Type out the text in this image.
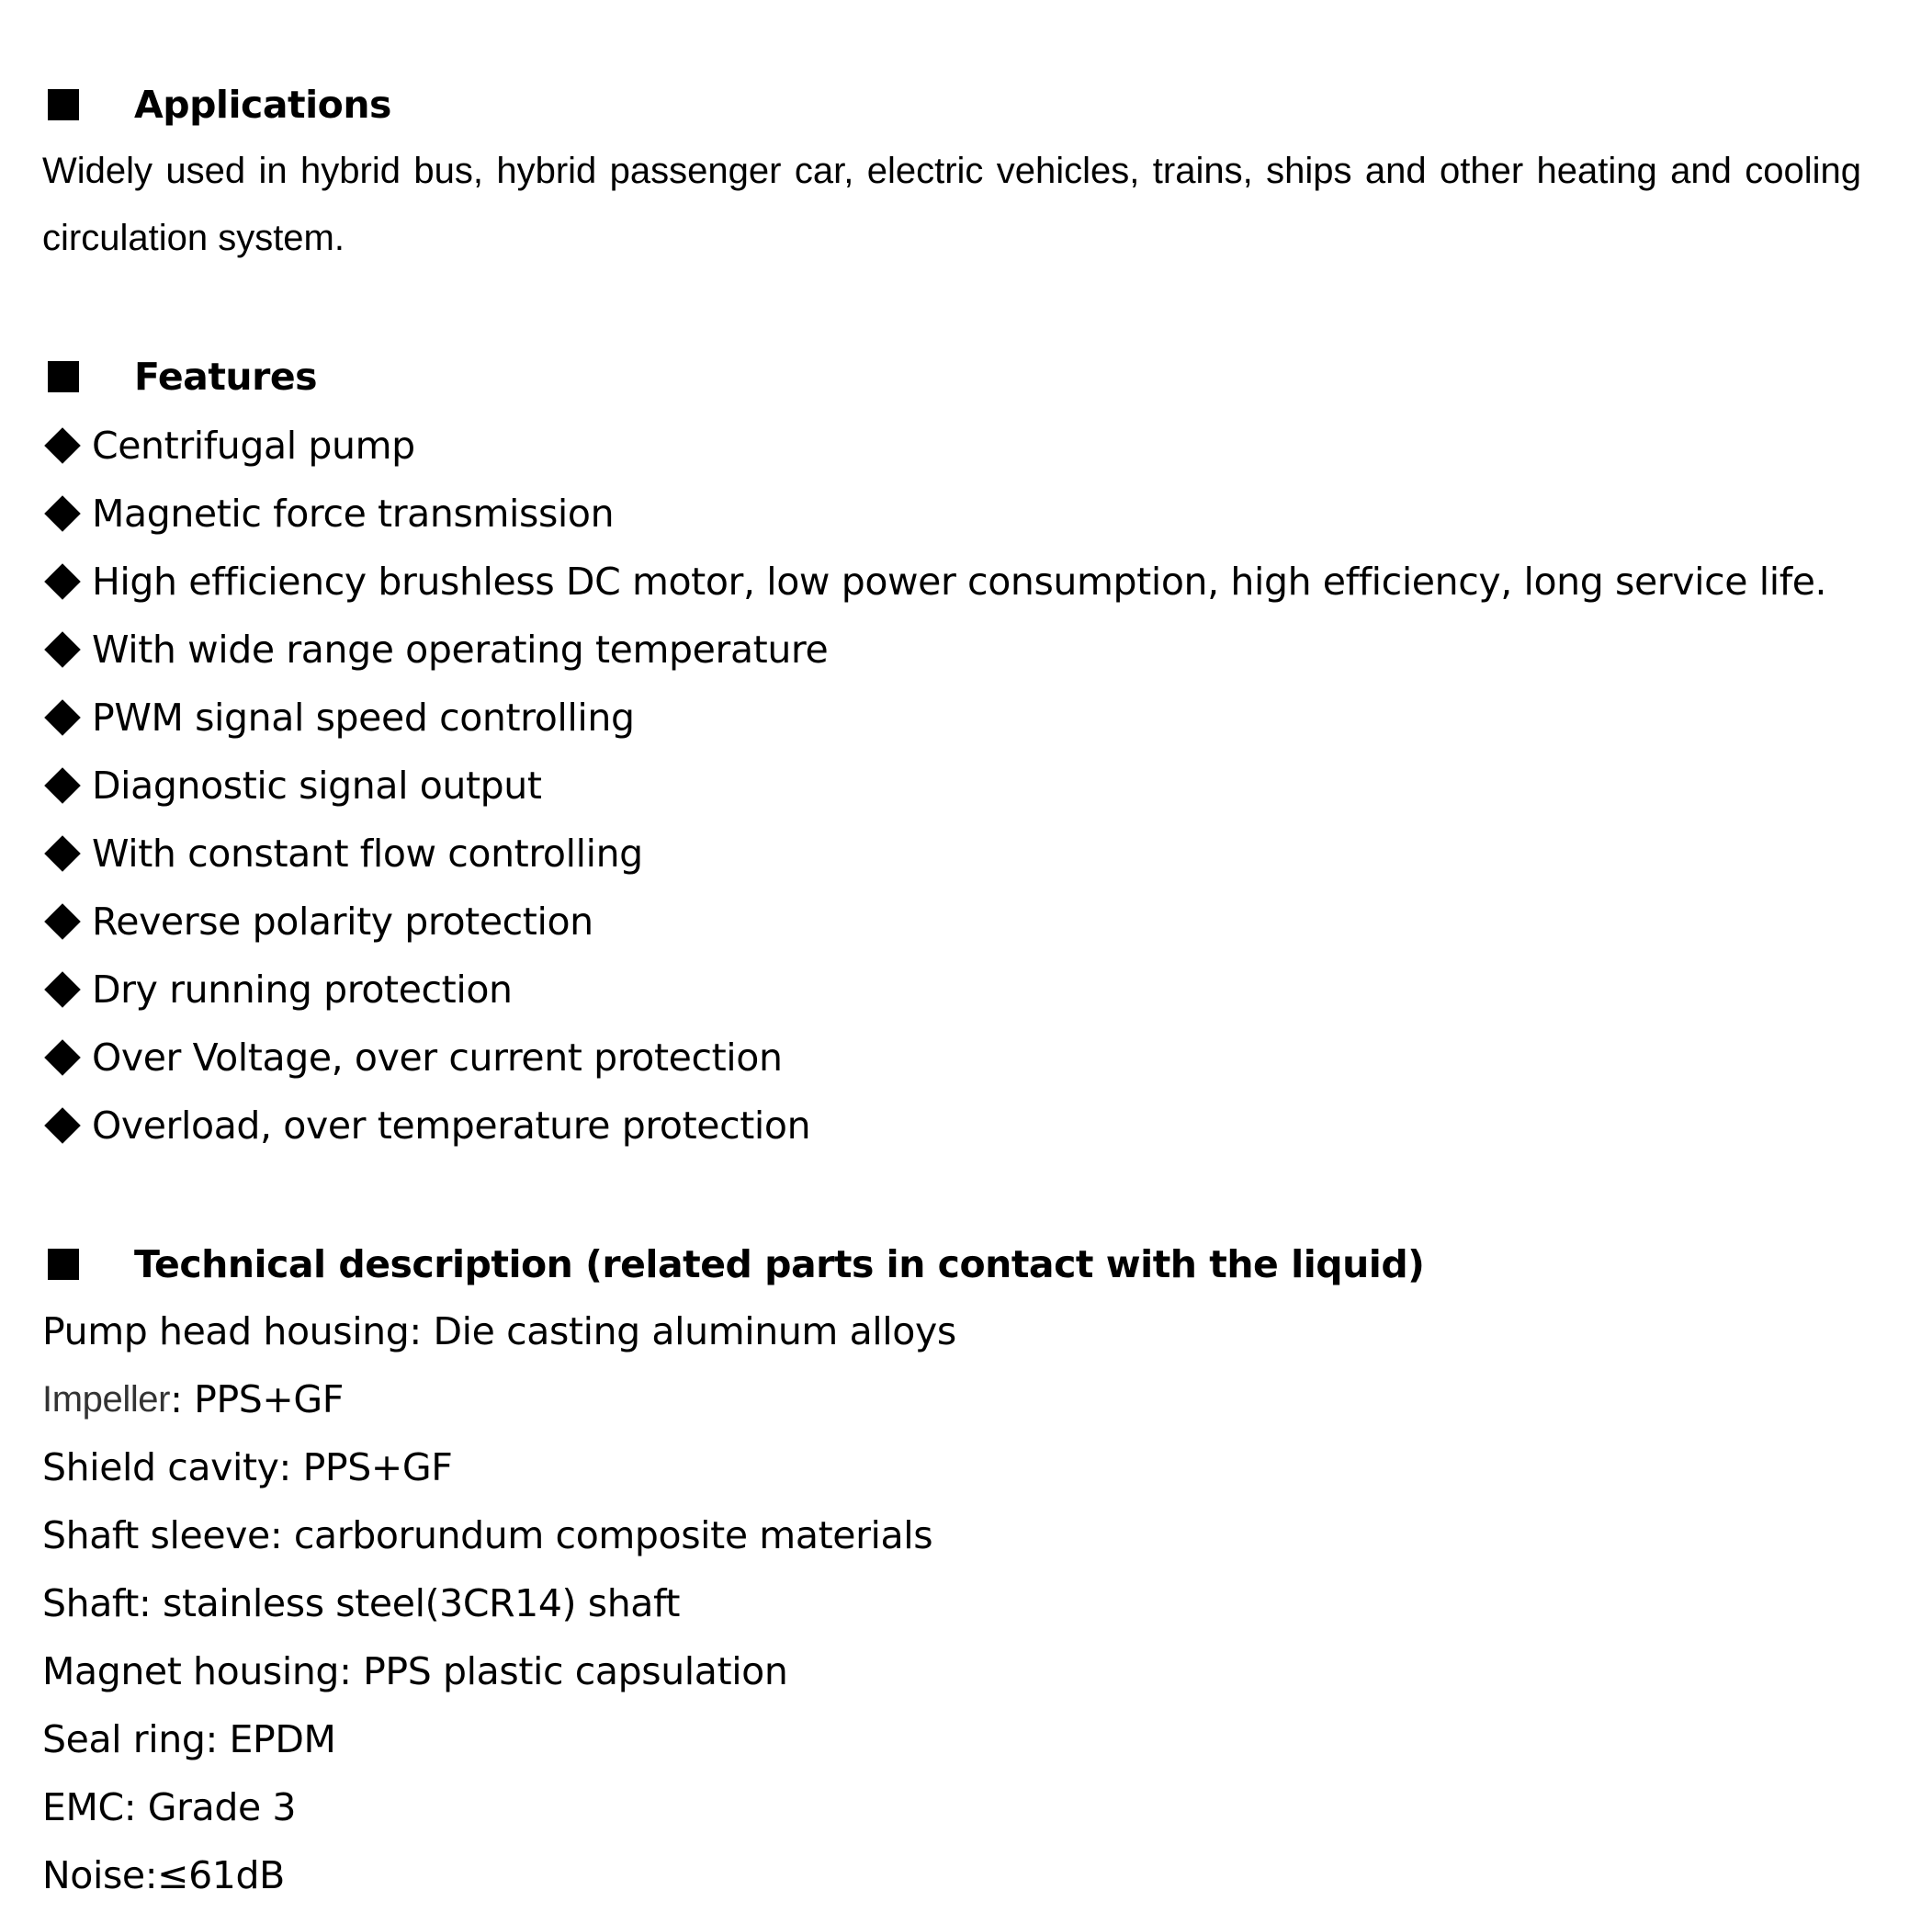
Applications

Widely used in hybrid bus, hybrid passenger car, electric vehicles, trains, ships and other heating and cooling circulation system.

Features
Centrifugal pump
Magnetic force transmission
High efficiency brushless DC motor, low power consumption, high efficiency, long service life.
With wide range operating temperature
PWM signal speed controlling
Diagnostic signal output
With constant flow controlling
Reverse polarity protection
Dry running protection
Over Voltage, over current protection
Overload, over temperature protection
Technical description (related parts in contact with the liquid)
Pump head housing : Die casting aluminum alloys
Impeller : PPS+GF
Shield cavity : PPS+GF
Shaft sleeve : carborundum composite materials
Shaft : stainless steel(3CR14) shaft
Magnet housing : PPS plastic capsulation
Seal ring : EPDM
EMC : Grade 3
Noise :≤61dB
